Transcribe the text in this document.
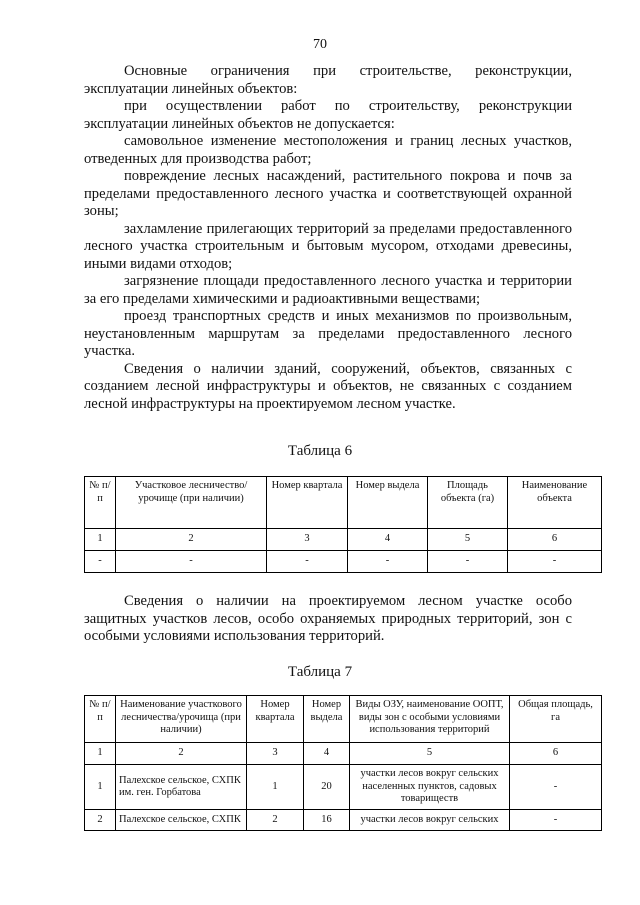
70

Основные ограничения при строительстве, реконструкции, эксплуатации линейных объектов:

при осуществлении работ по строительству, реконструкции эксплуатации линейных объектов не допускается:

самовольное изменение местоположения и границ лесных участков, отведенных для производства работ;

повреждение лесных насаждений, растительного покрова и почв за пределами предоставленного лесного участка и соответствующей охранной зоны;

захламление прилегающих территорий за пределами предоставленного лесного участка строительным и бытовым мусором, отходами древесины, иными видами отходов;

загрязнение площади предоставленного лесного участка и территории за его пределами химическими и радиоактивными веществами;

проезд транспортных средств и иных механизмов по произвольным, неустановленным маршрутам за пределами предоставленного лесного участка.

Сведения о наличии зданий, сооружений, объектов, связанных с созданием лесной инфраструктуры и объектов, не связанных с созданием лесной инфраструктуры на проектируемом лесном участке.

Таблица 6
№ п/п	Участковое лесничество/урочище (при наличии)	Номер квартала	Номер выдела	Площадь объекта (га)	Наименование объекта
1	2	3	4	5	6
-	-	-	-	-	-

Сведения о наличии на проектируемом лесном участке особо защитных участков лесов, особо охраняемых природных территорий, зон с особыми условиями использования территорий.

Таблица 7
№ п/п	Наименование участкового лесничества/урочища (при наличии)	Номер квартала	Номер выдела	Виды ОЗУ, наименование ООПТ, виды зон с особыми условиями использования территорий	Общая площадь, га
1	2	3	4	5	6
1	Палехское сельское, СХПК им. ген. Горбатова	1	20	участки лесов вокруг сельских населенных пунктов, садовых товариществ	-
2	Палехское сельское, СХПК	2	16	участки лесов вокруг сельских	-
